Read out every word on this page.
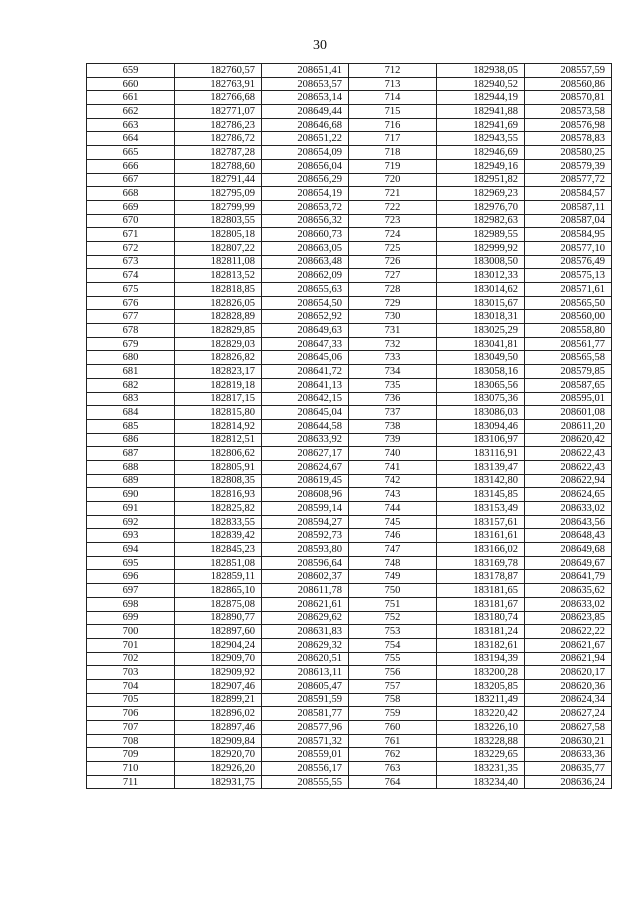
30
659	182760,57	208651,41	712	182938,05	208557,59
660	182763,91	208653,57	713	182940,52	208560,86
661	182766,68	208653,14	714	182944,19	208570,81
662	182771,07	208649,44	715	182941,88	208573,58
663	182786,23	208646,68	716	182941,69	208576,98
664	182786,72	208651,22	717	182943,55	208578,83
665	182787,28	208654,09	718	182946,69	208580,25
666	182788,60	208656,04	719	182949,16	208579,39
667	182791,44	208656,29	720	182951,82	208577,72
668	182795,09	208654,19	721	182969,23	208584,57
669	182799,99	208653,72	722	182976,70	208587,11
670	182803,55	208656,32	723	182982,63	208587,04
671	182805,18	208660,73	724	182989,55	208584,95
672	182807,22	208663,05	725	182999,92	208577,10
673	182811,08	208663,48	726	183008,50	208576,49
674	182813,52	208662,09	727	183012,33	208575,13
675	182818,85	208655,63	728	183014,62	208571,61
676	182826,05	208654,50	729	183015,67	208565,50
677	182828,89	208652,92	730	183018,31	208560,00
678	182829,85	208649,63	731	183025,29	208558,80
679	182829,03	208647,33	732	183041,81	208561,77
680	182826,82	208645,06	733	183049,50	208565,58
681	182823,17	208641,72	734	183058,16	208579,85
682	182819,18	208641,13	735	183065,56	208587,65
683	182817,15	208642,15	736	183075,36	208595,01
684	182815,80	208645,04	737	183086,03	208601,08
685	182814,92	208644,58	738	183094,46	208611,20
686	182812,51	208633,92	739	183106,97	208620,42
687	182806,62	208627,17	740	183116,91	208622,43
688	182805,91	208624,67	741	183139,47	208622,43
689	182808,35	208619,45	742	183142,80	208622,94
690	182816,93	208608,96	743	183145,85	208624,65
691	182825,82	208599,14	744	183153,49	208633,02
692	182833,55	208594,27	745	183157,61	208643,56
693	182839,42	208592,73	746	183161,61	208648,43
694	182845,23	208593,80	747	183166,02	208649,68
695	182851,08	208596,64	748	183169,78	208649,67
696	182859,11	208602,37	749	183178,87	208641,79
697	182865,10	208611,78	750	183181,65	208635,62
698	182875,08	208621,61	751	183181,67	208633,02
699	182890,77	208629,62	752	183180,74	208623,85
700	182897,60	208631,83	753	183181,24	208622,22
701	182904,24	208629,32	754	183182,61	208621,67
702	182909,70	208620,51	755	183194,39	208621,94
703	182909,92	208613,11	756	183200,28	208620,17
704	182907,46	208605,47	757	183205,85	208620,36
705	182899,21	208591,59	758	183211,49	208624,34
706	182896,02	208581,77	759	183220,42	208627,24
707	182897,46	208577,96	760	183226,10	208627,58
708	182909,84	208571,32	761	183228,88	208630,21
709	182920,70	208559,01	762	183229,65	208633,36
710	182926,20	208556,17	763	183231,35	208635,77
711	182931,75	208555,55	764	183234,40	208636,24
